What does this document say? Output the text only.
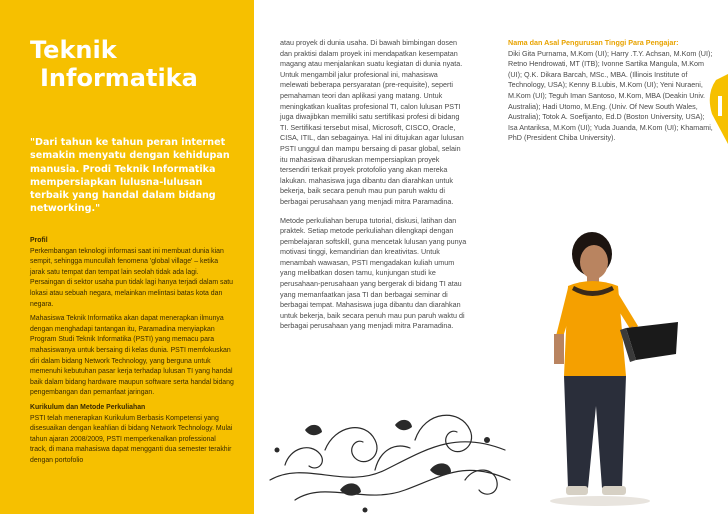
Teknik
Informatika
"Dari tahun ke tahun peran internet semakin menyatu dengan kehidupan manusia. Prodi Teknik Informatika mempersiapkan lulusna-lulusan terbaik yang handal dalam bidang networking."
Profil

Perkembangan teknologi informasi saat ini membuat dunia kian sempit, sehingga muncullah fenomena 'global village' – ketika jarak satu tempat dan tempat lain seolah tidak ada lagi. Persaingan di sektor usaha pun tidak lagi hanya terjadi dalam satu lokasi atau sebuah negara, melainkan melintasi batas kota dan negara.

Mahasiswa Teknik Informatika akan dapat menerapkan ilmunya dengan menghadapi tantangan itu, Paramadina menyiapkan Program Studi Teknik Informatika (PSTI) yang memacu para mahasiswanya untuk bersaing di kelas dunia. PSTI memfokuskan diri dalam bidang Network Technology, yang berguna untuk memenuhi kebutuhan pasar kerja terhadap lulusan TI yang handal baik dalam bidang hardware maupun software serta handal bidang pengembangan dan pemanfaat jaringan.

Kurikulum dan Metode Perkuliahan

PSTI telah menerapkan Kurikulum Berbasis Kompetensi yang disesuaikan dengan keahlian di bidang Network Technology. Mulai tahun ajaran 2008/2009, PSTI memperkenalkan professional track, di mana mahasiswa dapat mengganti dua semester terakhir dengan portofolio

atau proyek di dunia usaha. Di bawah bimbingan dosen dan praktisi dalam proyek ini mendapatkan kesempatan magang atau menjalankan suatu kegiatan di dunia nyata. Untuk mengambil jalur profesional ini, mahasiswa melewati beberapa persyaratan (pre-requisite), seperti pemahaman teori dan aplikasi yang matang. Untuk meningkatkan kualitas profesional TI, calon lulusan PSTI juga diwajibkan memiliki satu sertifikasi profesi di bidang TI. Sertifikasi tersebut misal, Microsoft, CISCO, Oracle, CISA, ITIL, dan sebagainya. Hal ini ditujukan agar lulusan PSTI unggul dan mampu bersaing di pasar global, selain itu mahasiswa diharuskan mempersiapkan proyek tersendiri terkait proyek protofolio yang akan mereka lakukan. mahasiswa juga dibantu dan diarahkan untuk bekerja, baik secara penuh mau pun paruh waktu di berbagai perusahaan yang menjadi mitra Paramadina.

Metode perkuliahan berupa tutorial, diskusi, latihan dan praktek. Setiap metode perkuliahan dilengkapi dengan pembelajaran softskill, guna mencetak lulusan yang punya motivasi tinggi, kemandirian dan kreativitas. Untuk menambah wawasan, PSTI mengadakan kuliah umum yang melibatkan dosen tamu, kunjungan studi ke perusahaan-perusahaan yang bergerak di bidang TI atau yang memanfaatkan jasa TI dan berbagai seminar di berbagai tempat. Mahasiswa juga dibantu dan diarahkan untuk bekerja, baik secara penuh mau pun paruh waktu di berbagai perusahaan yang menjadi mitra Paramadina.

Nama dan Asal Pengurusan Tinggi Para Pengajar:
Diki Gita Purnama, M.Kom (UI); Harry .T.Y. Achsan, M.Kom (UI); Retno Hendrowati, MT (ITB); Ivonne Sartika Mangula, M.Kom (UI); Q.K. Dikara Barcah, MSc., MBA. (Illinois Institute of Technology, USA); Kenny B.Lubis, M.Kom (UI); Yeni Nuraeni, M.Kom (UI); Teguh Iman Santoso, M.Kom, MBA (Deakin Univ. Australia); Hadi Utomo, M.Eng. (Univ. Of New South Wales, Australia); Totok A. Soefijanto, Ed.D (Boston University, USA); Isa Antariksa, M.Kom (UI); Yuda Juanda, M.Kom (UI); Khamami, PhD (President Chiba University).
